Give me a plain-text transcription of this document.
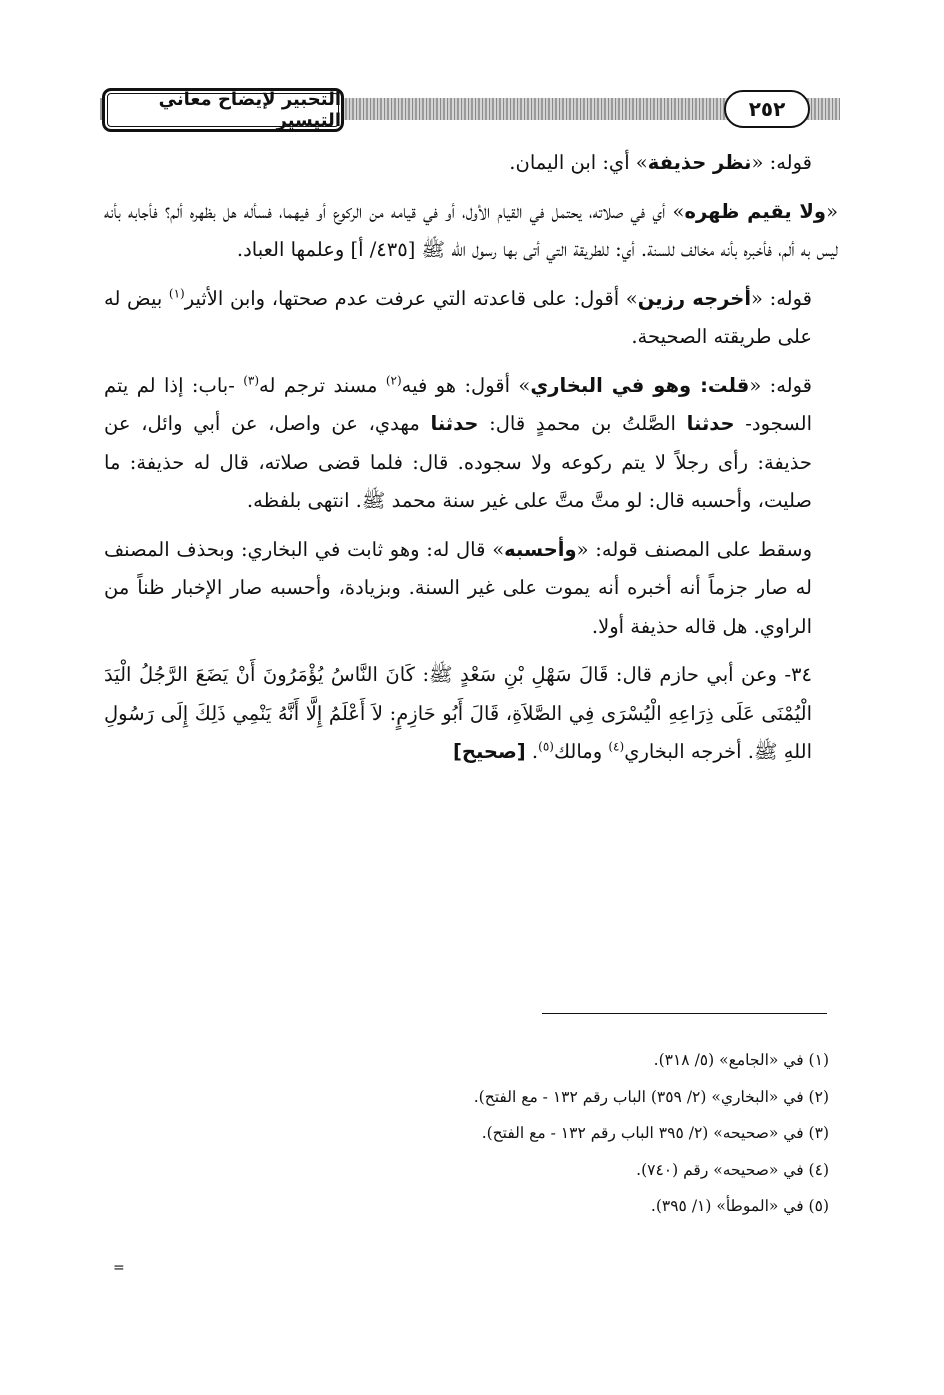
التحبير لإيضاح معاني التيسير	٢٥٢

قوله: «نظر حذيفة» أي: ابن اليمان.

«ولا يقيم ظهره» أي في صلاته، يحتمل في القيام الأول، أو في قيامه من الركوع أو فيهما، فسأله هل بظهره ألم؟ فأجابه بأنه ليس به ألم، فأخبره بأنه مخالف للسنة. أي: للطريقة التي أتى بها رسول الله ﷺ [٤٣٥/ أ] وعلمها العباد.

قوله: «أخرجه رزين» أقول: على قاعدته التي عرفت عدم صحتها، وابن الأثير$^{(١)}$ بيض له على طريقته الصحيحة.

قوله: «قلت: وهو في البخاري» أقول: هو فيه$^{(٢)}$ مسند ترجم له$^{(٣)}$ -باب: إذا لم يتم السجود- حدثنا الصَّلتُ بن محمدٍ قال: حدثنا مهدي، عن واصل، عن أبي وائل، عن حذيفة: رأى رجلاً لا يتم ركوعه ولا سجوده. قال: فلما قضى صلاته، قال له حذيفة: ما صليت، وأحسبه قال: لو متَّ متَّ على غير سنة محمد ﷺ. انتهى بلفظه.

وسقط على المصنف قوله: «وأحسبه» قال له: وهو ثابت في البخاري: وبحذف المصنف له صار جزماً أنه أخبره أنه يموت على غير السنة. وبزيادة، وأحسبه صار الإخبار ظناً من الراوي. هل قاله حذيفة أولا.

٣٤- وعن أبي حازم قال: قَالَ سَهْلِ بْنِ سَعْدٍ ﷺ: كَانَ النَّاسُ يُؤْمَرُونَ أَنْ يَضَعَ الرَّجُلُ الْيَدَ الْيُمْنَى عَلَى ذِرَاعِهِ الْيُسْرَى فِي الصَّلاَةِ، قَالَ أَبُو حَازِمٍ: لاَ أَعْلَمُ إِلَّا أَنَّهُ يَنْمِي ذَلِكَ إِلَى رَسُولِ اللهِ ﷺ. أخرجه البخاري$^{(٤)}$ ومالك$^{(٥)}$. [صحيح]

(١) في «الجامع» (٥/ ٣١٨).

(٢) في «البخاري» (٢/ ٣٥٩) الباب رقم ١٣٢ - مع الفتح).

(٣) في «صحيحه» (٢/ ٣٩٥ الباب رقم ١٣٢ - مع الفتح).

(٤) في «صحيحه» رقم (٧٤٠).

(٥) في «الموطأ» (١/ ٣٩٥).

=
